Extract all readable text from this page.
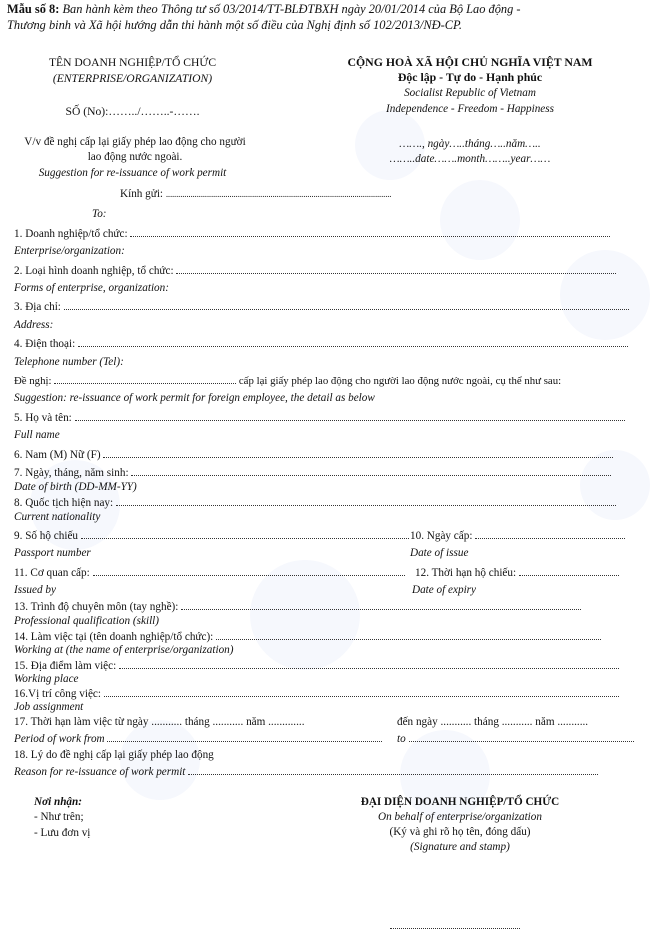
Mẫu số 8: Ban hành kèm theo Thông tư số 03/2014/TT-BLĐTBXH ngày 20/01/2014 của Bộ Lao động -
Thương binh và Xã hội hướng dẫn thi hành một số điều của Nghị định số 102/2013/NĐ-CP.
TÊN DOANH NGHIỆP/TỔ CHỨC
(ENTERPRISE/ORGANIZATION)
SỐ (No):……../……..-…….
V/v đề nghị cấp lại giấy phép lao động cho người
lao động nước ngoài.
Suggestion for re-issuance of work permit
CỘNG HOÀ XÃ HỘI CHỦ NGHĨA VIỆT NAM
Độc lập - Tự do - Hạnh phúc
Socialist Republic of Vietnam
Independence - Freedom - Happiness
……., ngày…..tháng…..năm…..
……..date…….month……..year……
Kính gửi: ..............................................................................................................
To:
1. Doanh nghiệp/tổ chức:
Enterprise/organization:
2. Loại hình doanh nghiệp, tổ chức:
Forms of enterprise, organization:
3. Địa chỉ:
Address:
4. Điện thoại:
Telephone number (Tel):
Đề nghị:	cấp lại giấy phép lao động cho người lao động nước ngoài, cụ thể như sau:
Suggestion: re-issuance of work permit for foreign employee, the detail as below
5. Họ và tên:
Full name
6. Nam (M) Nữ (F)
7. Ngày, tháng, năm sinh:
Date of birth (DD-MM-YY)
8. Quốc tịch hiện nay:
Current nationality
9. Số hộ chiếu	10. Ngày cấp:
Passport number	Date of issue
11. Cơ quan cấp:	12. Thời hạn hộ chiếu:
Issued by	Date of expiry
13. Trình độ chuyên môn (tay nghề):
Professional qualification (skill)
14. Làm việc tại (tên doanh nghiệp/tổ chức):
Working at (the name of enterprise/organization)
15. Địa điểm làm việc:
Working place
16.Vị trí công việc:
Job assignment
17. Thời hạn làm việc từ ngày ........... tháng ........... năm .............	đến ngày ........... tháng ........... năm ...........
Period of work from	to
18. Lý do đề nghị cấp lại giấy phép lao động
Reason for re-issuance of work permit
Nơi nhận:
- Như trên;
- Lưu đơn vị
ĐẠI DIỆN DOANH NGHIỆP/TỔ CHỨC
On behalf of enterprise/organization
(Ký và ghi rõ họ tên, đóng dấu)
(Signature and stamp)
